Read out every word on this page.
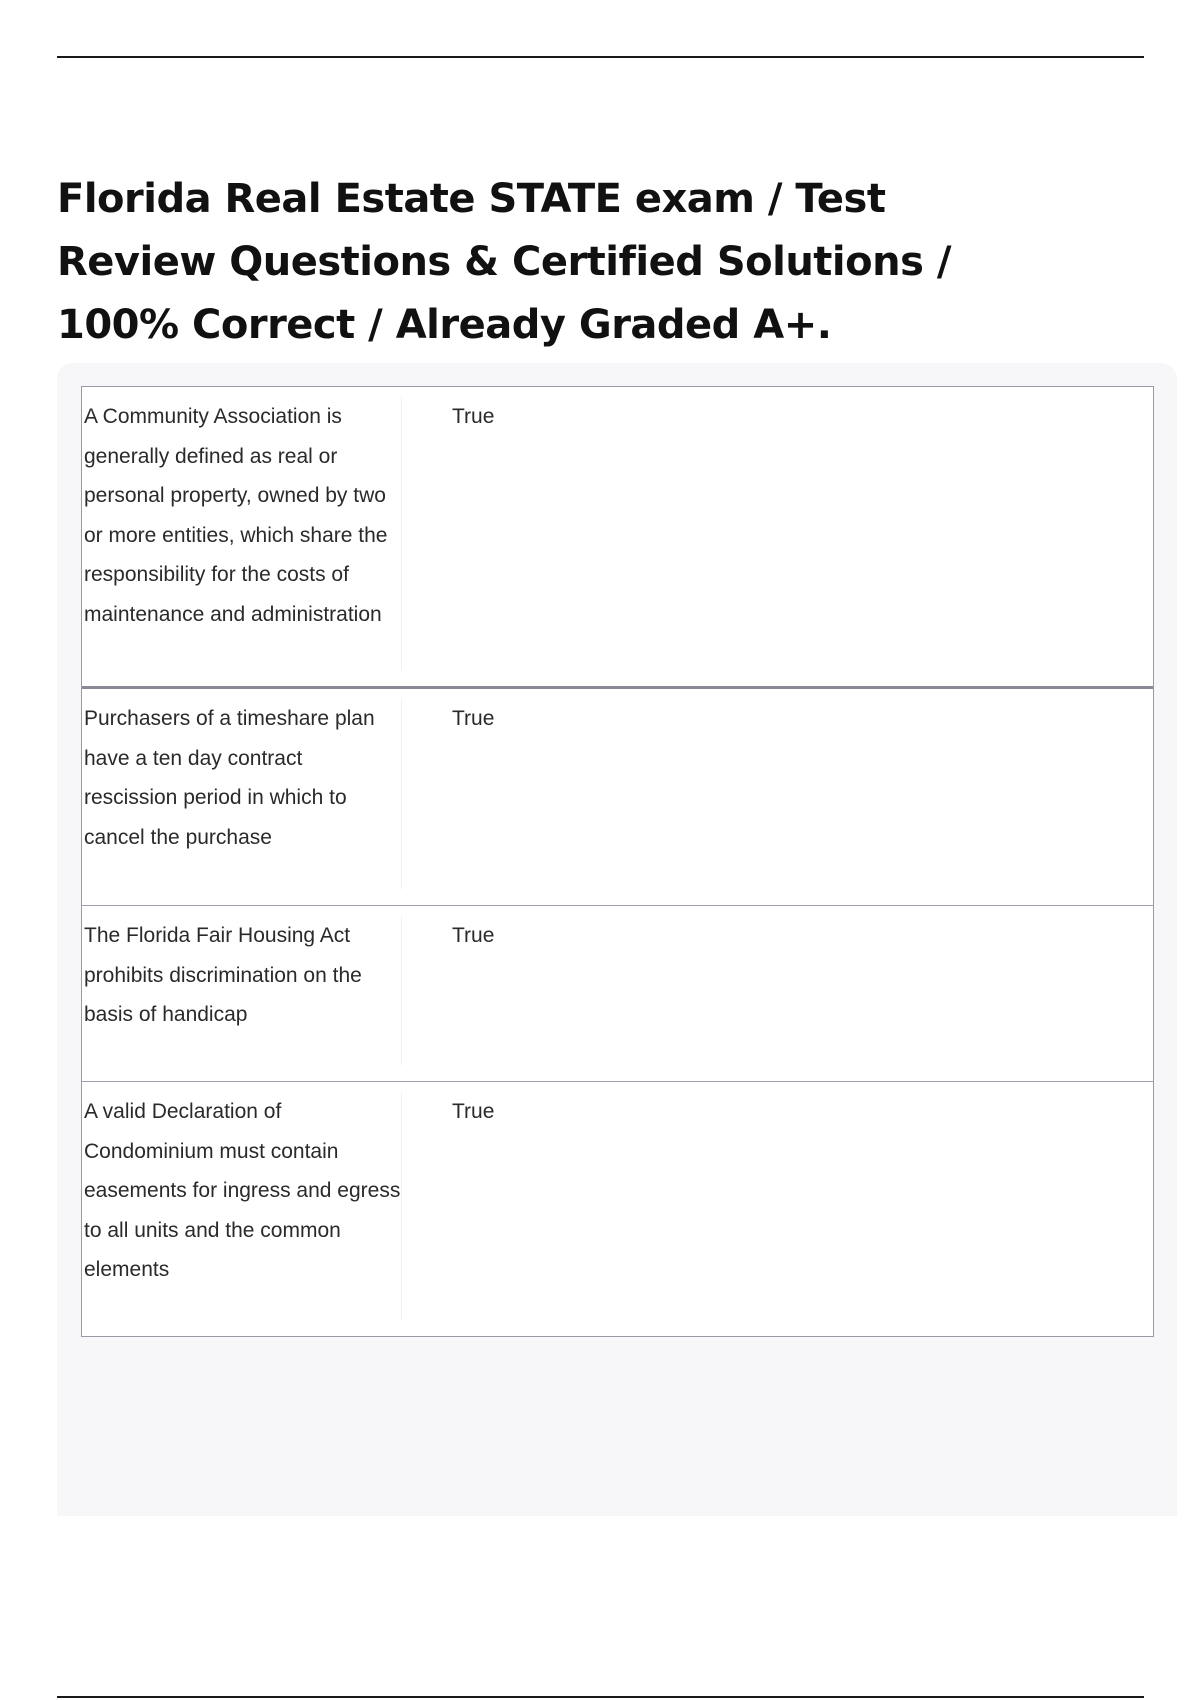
Florida Real Estate STATE exam / Test Review Questions & Certified Solutions / 100% Correct / Already Graded A+.
A Community Association is generally defined as real or personal property, owned by two or more entities, which share the responsibility for the costs of maintenance and administration
True
Purchasers of a timeshare plan have a ten day contract rescission period in which to cancel the purchase
True
The Florida Fair Housing Act prohibits discrimination on the basis of handicap
True
A valid Declaration of Condominium must contain easements for ingress and egress to all units and the common elements
True
